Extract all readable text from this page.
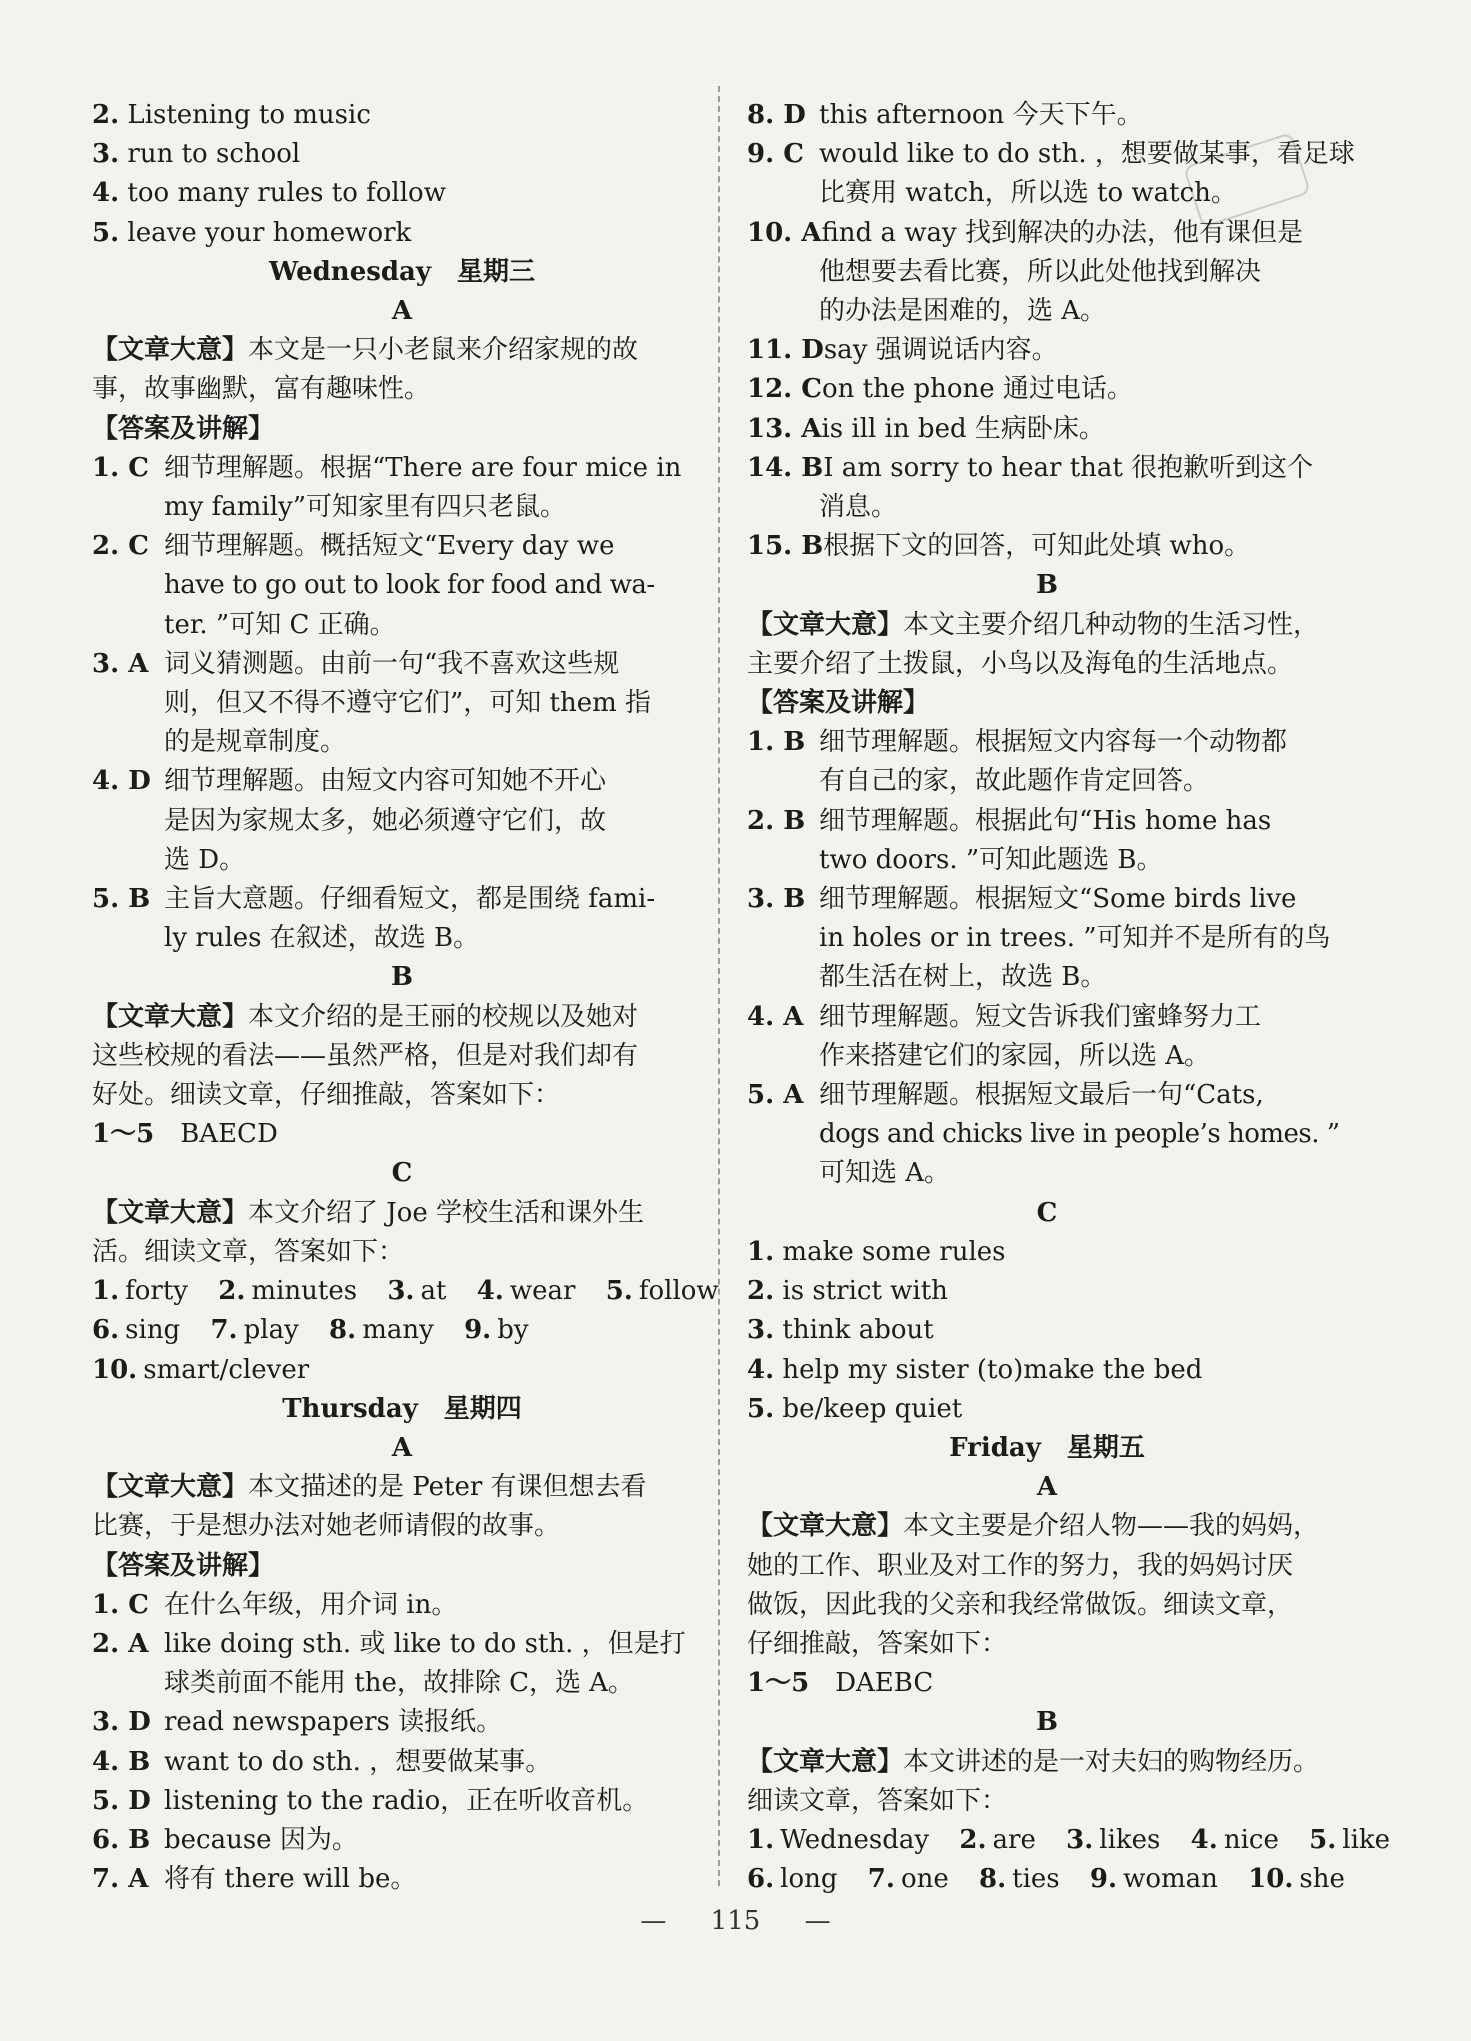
2. Listening to music
3. run to school
4. too many rules to follow
5. leave your homework
Wednesday　星期三
A
【文章大意】本文是一只小老鼠来介绍家规的故
事，故事幽默，富有趣味性。
【答案及讲解】
1. C 细节理解题。根据“There are four mice in
my family”可知家里有四只老鼠。
2. C 细节理解题。概括短文“Every day we
have to go out to look for food and wa-
ter. ”可知 C 正确。
3. A 词义猜测题。由前一句“我不喜欢这些规
则，但又不得不遵守它们”，可知 them 指
的是规章制度。
4. D 细节理解题。由短文内容可知她不开心
是因为家规太多，她必须遵守它们，故
选 D。
5. B 主旨大意题。仔细看短文，都是围绕 fami-
ly rules 在叙述，故选 B。
B
【文章大意】本文介绍的是王丽的校规以及她对
这些校规的看法——虽然严格，但是对我们却有
好处。细读文章，仔细推敲，答案如下：
1～5 BAECD
C
【文章大意】本文介绍了 Joe 学校生活和课外生
活。细读文章，答案如下：
1. forty 2. minutes 3. at 4. wear 5. follow
6. sing 7. play 8. many 9. by
10. smart/clever
Thursday　星期四
A
【文章大意】本文描述的是 Peter 有课但想去看
比赛，于是想办法对她老师请假的故事。
【答案及讲解】
1. C 在什么年级，用介词 in。
2. A like doing sth. 或 like to do sth. ，但是打
球类前面不能用 the，故排除 C，选 A。
3. D read newspapers 读报纸。
4. B want to do sth. ，想要做某事。
5. D listening to the radio，正在听收音机。
6. B because 因为。
7. A 将有 there will be。
8. D this afternoon 今天下午。
9. C would like to do sth. ，想要做某事，看足球
比赛用 watch，所以选 to watch。
10. Afind a way 找到解决的办法，他有课但是
他想要去看比赛，所以此处他找到解决
的办法是困难的，选 A。
11. Dsay 强调说话内容。
12. Con the phone 通过电话。
13. Ais ill in bed 生病卧床。
14. BI am sorry to hear that 很抱歉听到这个
消息。
15. B根据下文的回答，可知此处填 who。
B
【文章大意】本文主要介绍几种动物的生活习性，
主要介绍了土拨鼠，小鸟以及海龟的生活地点。
【答案及讲解】
1. B 细节理解题。根据短文内容每一个动物都
有自己的家，故此题作肯定回答。
2. B 细节理解题。根据此句“His home has
two doors. ”可知此题选 B。
3. B 细节理解题。根据短文“Some birds live
in holes or in trees. ”可知并不是所有的鸟
都生活在树上，故选 B。
4. A 细节理解题。短文告诉我们蜜蜂努力工
作来搭建它们的家园，所以选 A。
5. A 细节理解题。根据短文最后一句“Cats,
dogs and chicks live in people’s homes. ”
可知选 A。
C
1. make some rules
2. is strict with
3. think about
4. help my sister (to)make the bed
5. be/keep quiet
Friday　星期五
A
【文章大意】本文主要是介绍人物——我的妈妈，
她的工作、职业及对工作的努力，我的妈妈讨厌
做饭，因此我的父亲和我经常做饭。细读文章，
仔细推敲，答案如下：
1～5 DAEBC
B
【文章大意】本文讲述的是一对夫妇的购物经历。
细读文章，答案如下：
1. Wednesday 2. are 3. likes 4. nice 5. like
6. long 7. one 8. ties 9. woman 10. she
— 115 —
